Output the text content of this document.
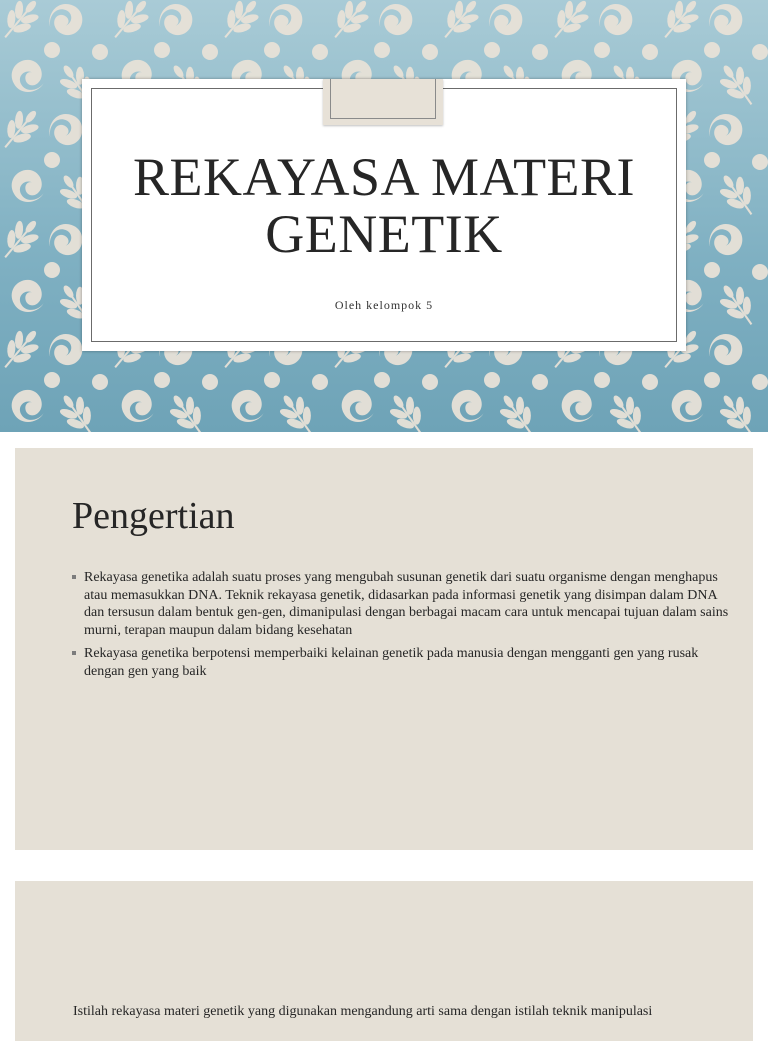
REKAYASA MATERI GENETIK
Oleh kelompok 5
Pengertian
Rekayasa genetika adalah suatu proses yang mengubah susunan genetik dari suatu organisme dengan menghapus atau memasukkan DNA. Teknik rekayasa genetik, didasarkan pada informasi genetik yang disimpan dalam DNA dan tersusun dalam bentuk gen-gen, dimanipulasi dengan berbagai macam cara untuk mencapai tujuan dalam sains murni, terapan maupun dalam bidang kesehatan
Rekayasa genetika berpotensi memperbaiki kelainan genetik pada manusia dengan mengganti gen yang rusak dengan gen yang baik

Istilah rekayasa materi genetik yang digunakan mengandung arti sama dengan istilah teknik manipulasi
